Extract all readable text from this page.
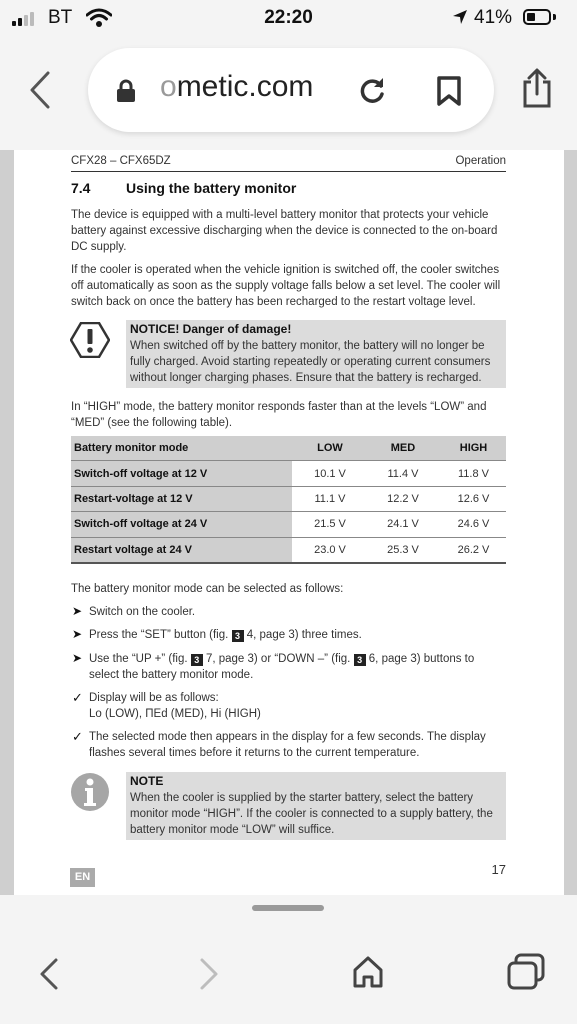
BT	22:20	41%
ometic.com
CFX28 – CFX65DZ	Operation
7.4	Using the battery monitor
The device is equipped with a multi-level battery monitor that protects your vehicle battery against excessive discharging when the device is connected to the on-board DC supply.
If the cooler is operated when the vehicle ignition is switched off, the cooler switches off automatically as soon as the supply voltage falls below a set level. The cooler will switch back on once the battery has been recharged to the restart voltage level.
NOTICE! Danger of damage!
When switched off by the battery monitor, the battery will no longer be fully charged. Avoid starting repeatedly or operating current consumers without longer charging phases. Ensure that the battery is recharged.
In “HIGH” mode, the battery monitor responds faster than at the levels “LOW” and “MED” (see the following table).
Battery monitor mode	LOW	MED	HIGH
Switch-off voltage at 12 V	10.1 V	11.4 V	11.8 V
Restart-voltage at 12 V	11.1 V	12.2 V	12.6 V
Switch-off voltage at 24 V	21.5 V	24.1 V	24.6 V
Restart voltage at 24 V	23.0 V	25.3 V	26.2 V
The battery monitor mode can be selected as follows:
➤ Switch on the cooler.
➤ Press the “SET” button (fig. 3 4, page 3) three times.
➤ Use the “UP +” (fig. 3 7, page 3) or “DOWN –” (fig. 3 6, page 3) buttons to
select the battery monitor mode.
✓ Display will be as follows:
Lo (LOW), ΠEd (MED), Hi (HIGH)
✓ The selected mode then appears in the display for a few seconds. The display flashes several times before it returns to the current temperature.
NOTE
When the cooler is supplied by the starter battery, select the battery monitor mode “HIGH”. If the cooler is connected to a supply battery, the battery monitor mode “LOW” will suffice.
EN	17
